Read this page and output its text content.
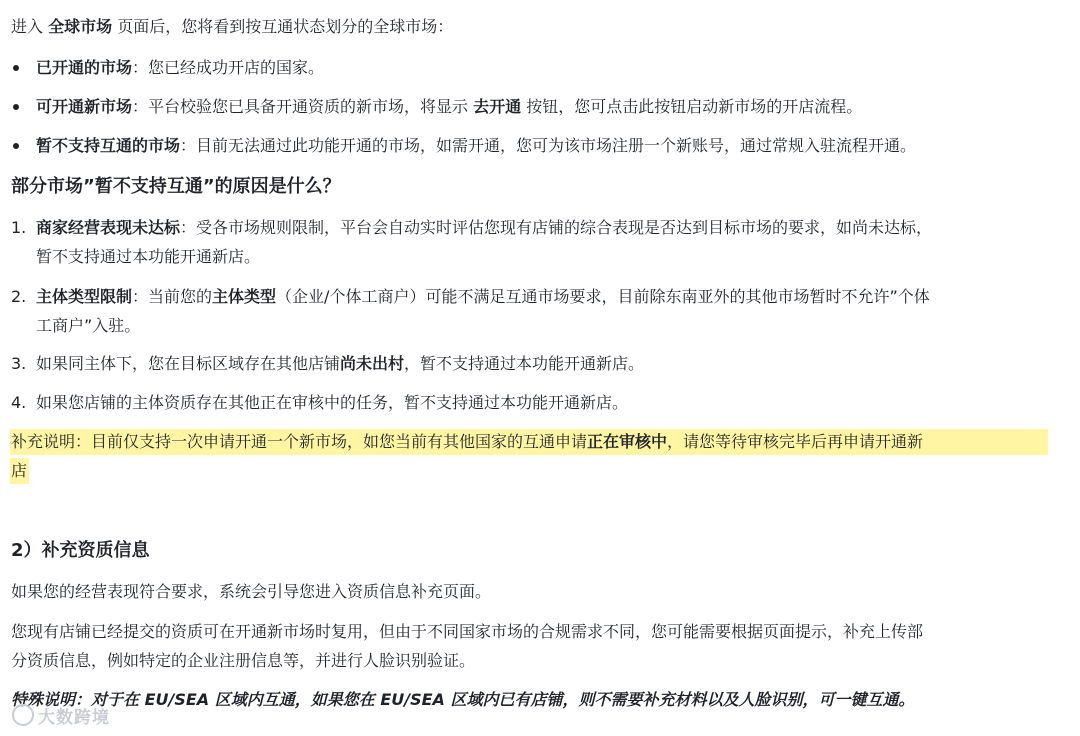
进入 全球市场 页面后，您将看到按互通状态划分的全球市场：
已开通的市场：您已经成功开店的国家。
可开通新市场：平台校验您已具备开通资质的新市场，将显示 去开通 按钮，您可点击此按钮启动新市场的开店流程。
暂不支持互通的市场：目前无法通过此功能开通的市场，如需开通，您可为该市场注册一个新账号，通过常规入驻流程开通。
部分市场”暂不支持互通”的原因是什么？
1. 商家经营表现未达标：受各市场规则限制，平台会自动实时评估您现有店铺的综合表现是否达到目标市场的要求，如尚未达标，
暂不支持通过本功能开通新店。
2. 主体类型限制：当前您的主体类型（企业/个体工商户）可能不满足互通市场要求，目前除东南亚外的其他市场暂时不允许”个体
工商户”入驻。
3. 如果同主体下，您在目标区域存在其他店铺尚未出村，暂不支持通过本功能开通新店。
4. 如果您店铺的主体资质存在其他正在审核中的任务，暂不支持通过本功能开通新店。
补充说明：目前仅支持一次申请开通一个新市场，如您当前有其他国家的互通申请正在审核中，请您等待审核完毕后再申请开通新
店
2）补充资质信息
如果您的经营表现符合要求，系统会引导您进入资质信息补充页面。
您现有店铺已经提交的资质可在开通新市场时复用，但由于不同国家市场的合规需求不同，您可能需要根据页面提示，补充上传部
分资质信息，例如特定的企业注册信息等，并进行人脸识别验证。
特殊说明：对于在 EU/SEA 区域内互通，如果您在 EU/SEA 区域内已有店铺，则不需要补充材料以及人脸识别，可一键互通。
大数跨境
